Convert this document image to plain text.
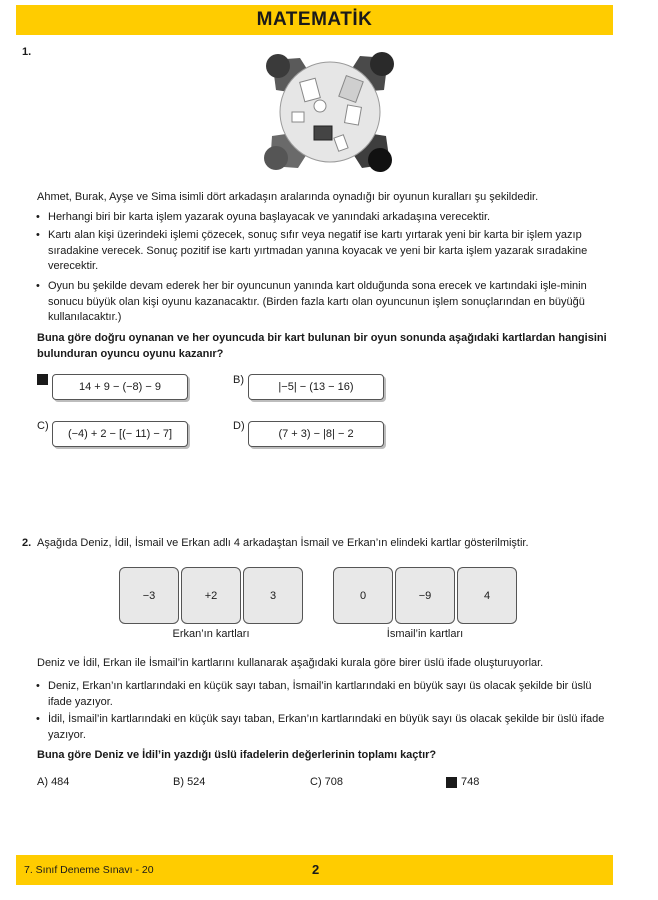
MATEMATİK
1.
Ahmet, Burak, Ayşe ve Sima isimli dört arkadaşın aralarında oynadığı bir oyunun kuralları şu şekildedir.
• Herhangi biri bir karta işlem yazarak oyuna başlayacak ve yanındaki arkadaşına verecektir.
• Kartı alan kişi üzerindeki işlemi çözecek, sonuç sıfır veya negatif ise kartı yırtarak yeni bir karta bir işlem yazıp sıradakine verecek. Sonuç pozitif ise kartı yırtmadan yanına koyacak ve yeni bir karta işlem yazarak sıradakine verecektir.
• Oyun bu şekilde devam ederek her bir oyuncunun yanında kart olduğunda sona erecek ve kartındaki işle-minin sonucu büyük olan kişi oyunu kazanacaktır. (Birden fazla kartı olan oyuncunun işlem sonuçlarından en büyüğü kullanılacaktır.)
Buna göre doğru oynanan ve her oyuncuda bir kart bulunan bir oyun sonunda aşağıdaki kartlardan hangisini bulunduran oyuncu oyunu kazanır?
14 + 9 − (−8) − 9
B)
|−5| − (13 − 16)
C)
(−4) + 2 − [(− 11) − 7]
D)
(7 + 3) − |8| − 2
2. Aşağıda Deniz, İdil, İsmail ve Erkan adlı 4 arkadaştan İsmail ve Erkan’ın elindeki kartlar gösterilmiştir.
−3	+2	3
Erkan’ın kartları
0	−9	4
İsmail’in kartları
Deniz ve İdil, Erkan ile İsmail’in kartlarını kullanarak aşağıdaki kurala göre birer üslü ifade oluşturuyorlar.
• Deniz, Erkan’ın kartlarındaki en küçük sayı taban, İsmail’in kartlarındaki en büyük sayı üs olacak şekilde bir üslü ifade yazıyor.
• İdil, İsmail’in kartlarındaki en küçük sayı taban, Erkan’ın kartlarındaki en büyük sayı üs olacak şekilde bir üslü ifade yazıyor.
Buna göre Deniz ve İdil’in yazdığı üslü ifadelerin değerlerinin toplamı kaçtır?
A) 484	B) 524	C) 708	748
7. Sınıf Deneme Sınavı - 20	2
